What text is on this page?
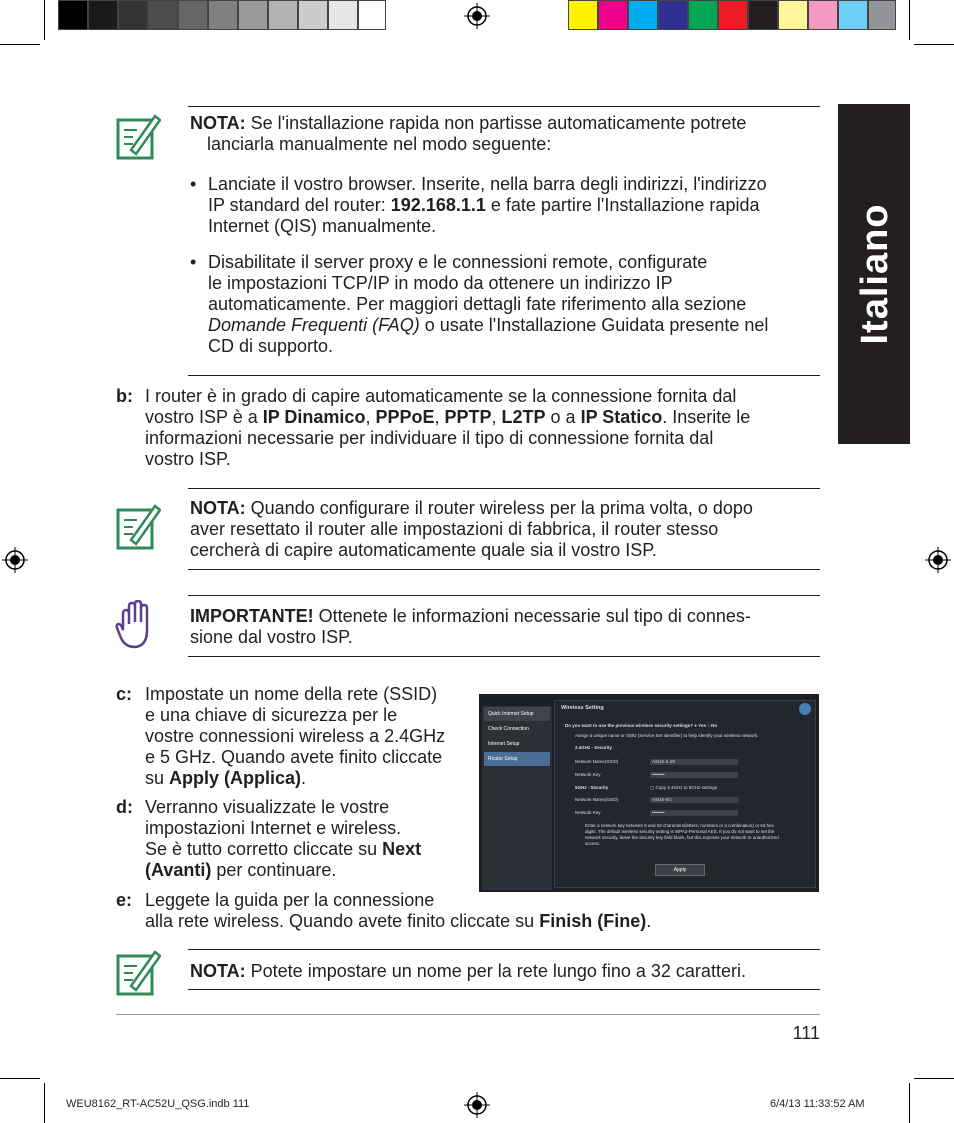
Italiano
NOTA: Se l'installazione rapida non partisse automaticamente potrete
lanciarla manualmente nel modo seguente:
• Lanciate il vostro browser. Inserite, nella barra degli indirizzi, l'indirizzo
IP standard del router: 192.168.1.1 e fate partire l'Installazione rapida
Internet (QIS) manualmente.
• Disabilitate il server proxy e le connessioni remote, configurate
le impostazioni TCP/IP in modo da ottenere un indirizzo IP
automaticamente. Per maggiori dettagli fate riferimento alla sezione
Domande Frequenti (FAQ) o usate l'Installazione Guidata presente nel
CD di supporto.
b: I router è in grado di capire automaticamente se la connessione fornita dal
vostro ISP è a IP Dinamico, PPPoE, PPTP, L2TP o a IP Statico. Inserite le
informazioni necessarie per individuare il tipo di connessione fornita dal
vostro ISP.
NOTA: Quando configurare il router wireless per la prima volta, o dopo
aver resettato il router alle impostazioni di fabbrica, il router stesso
cercherà di capire automaticamente quale sia il vostro ISP.
IMPORTANTE! Ottenete le informazioni necessarie sul tipo di connes-
sione dal vostro ISP.
c: Impostate un nome della rete (SSID)
e una chiave di sicurezza per le
vostre connessioni wireless a 2.4GHz
e 5 GHz. Quando avete finito cliccate
su Apply (Applica).
d: Verranno visualizzate le vostre
impostazioni Internet e wireless.
Se è tutto corretto cliccate su Next
(Avanti) per continuare.
e: Leggete la guida per la connessione
alla rete wireless. Quando avete finito cliccate su Finish (Fine).
Quick Internet Setup
Check Connection
Internet Setup
Router Setup
Wireless Setting
Do you want to use the previous wireless security settings? ● Yes ○ No
Assign a unique name or SSID (Service Set Identifier) to help identify your wireless network.
2.4GHz - Security
Network Name(SSID)	ASUS-2.4G
Network Key	••••••••
5GHz - Security	▢ Copy 2.4GHz to 5GHz settings
Network Name(SSID)	ASUS-5G
Network Key	••••••••
Enter a network key between 8 and 63 characters(letters, numbers or a combination) or 64 hex digits. The default wireless security setting is WPA2-Personal AES. If you do not want to set the network security, leave the security key field blank, but this exposes your network to unauthorized access.
Apply
NOTA: Potete impostare un nome per la rete lungo fino a 32 caratteri.
111
WEU8162_RT-AC52U_QSG.indb 111	6/4/13 11:33:52 AM
